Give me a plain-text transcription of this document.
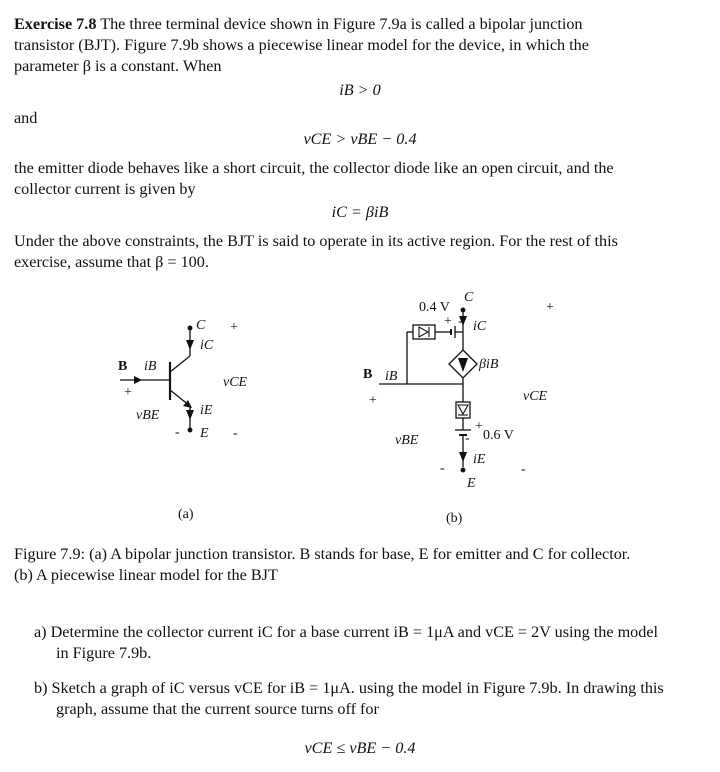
Exercise 7.8 The three terminal device shown in Figure 7.9a is called a bipolar junction transistor (BJT). Figure 7.9b shows a piecewise linear model for the device, in which the parameter β is a constant. When

iB > 0

and

vCE > vBE − 0.4

the emitter diode behaves like a short circuit, the collector diode like an open circuit, and the collector current is given by

iC = βiB

Under the above constraints, the BJT is said to operate in its active region. For the rest of this exercise, assume that β = 100.

C +
iC
B iB
+
vCE
vBE	iE
- E -
(a)
C
0.4 V	+
+ - iC
βiB
B iB
+	vCE
vBE
+
0.6 V
-
iE
-	-
E
(b)

Figure 7.9: (a) A bipolar junction transistor. B stands for base, E for emitter and C for collector. (b) A piecewise linear model for the BJT

a) Determine the collector current iC for a base current iB = 1μA and vCE = 2V using the model in Figure 7.9b.

b) Sketch a graph of iC versus vCE for iB = 1μA. using the model in Figure 7.9b. In drawing this graph, assume that the current source turns off for

vCE ≤ vBE − 0.4
